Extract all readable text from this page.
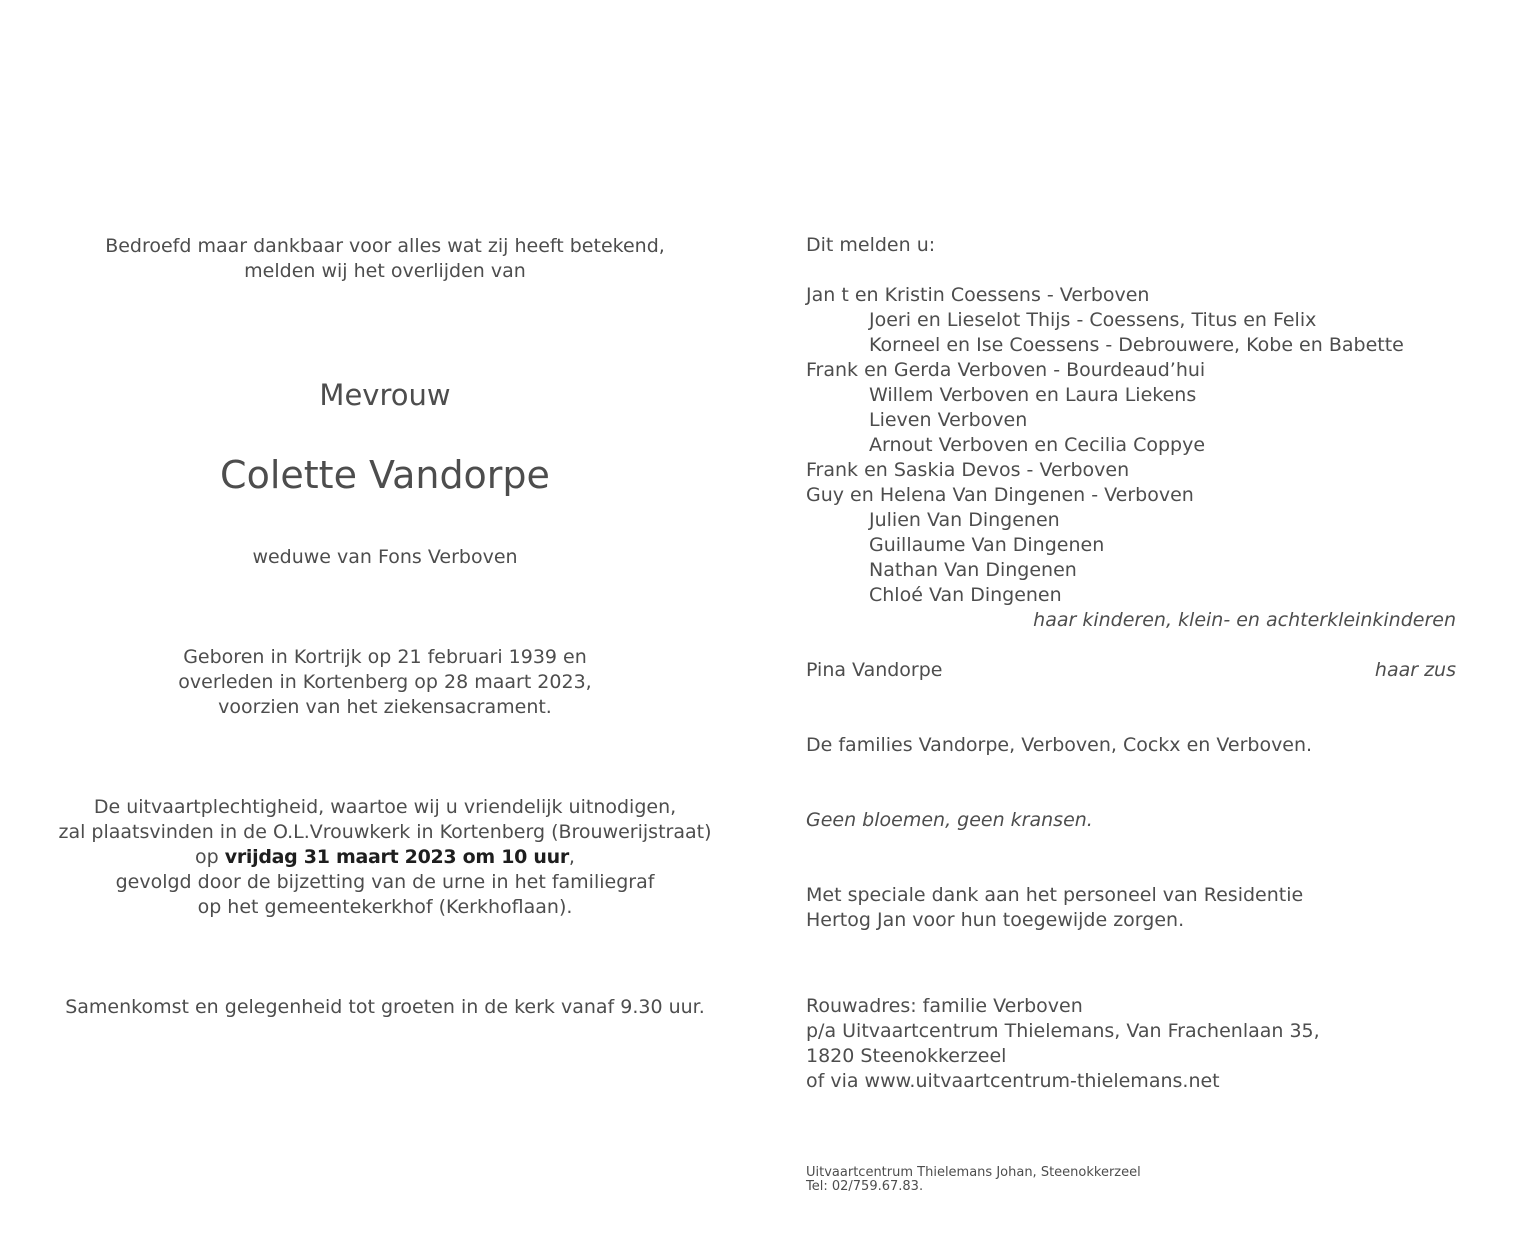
Bedroefd maar dankbaar voor alles wat zij heeft betekend,
melden wij het overlijden van
Mevrouw
Colette Vandorpe
weduwe van Fons Verboven
Geboren in Kortrijk op 21 februari 1939 en
overleden in Kortenberg op 28 maart 2023,
voorzien van het ziekensacrament.
De uitvaartplechtigheid, waartoe wij u vriendelijk uitnodigen,
zal plaatsvinden in de O.L.Vrouwkerk in Kortenberg (Brouwerijstraat)
op vrijdag 31 maart 2023 om 10 uur,
gevolgd door de bijzetting van de urne in het familiegraf
op het gemeentekerkhof (Kerkhoflaan).
Samenkomst en gelegenheid tot groeten in de kerk vanaf 9.30 uur.
Dit melden u:
Jan t en Kristin Coessens - Verboven
Joeri en Lieselot Thijs - Coessens, Titus en Felix
Korneel en Ise Coessens - Debrouwere, Kobe en Babette
Frank en Gerda Verboven - Bourdeaud’hui
Willem Verboven en Laura Liekens
Lieven Verboven
Arnout Verboven en Cecilia Coppye
Frank en Saskia Devos - Verboven
Guy en Helena Van Dingenen - Verboven
Julien Van Dingenen
Guillaume Van Dingenen
Nathan Van Dingenen
Chloé Van Dingenen
haar kinderen, klein- en achterkleinkinderen
Pina Vandorpe	haar zus
De families Vandorpe, Verboven, Cockx en Verboven.
Geen bloemen, geen kransen.
Met speciale dank aan het personeel van Residentie
Hertog Jan voor hun toegewijde zorgen.
Rouwadres: familie Verboven
p/a Uitvaartcentrum Thielemans, Van Frachenlaan 35,
1820 Steenokkerzeel
of via www.uitvaartcentrum-thielemans.net
Uitvaartcentrum Thielemans Johan, Steenokkerzeel
Tel: 02/759.67.83.
